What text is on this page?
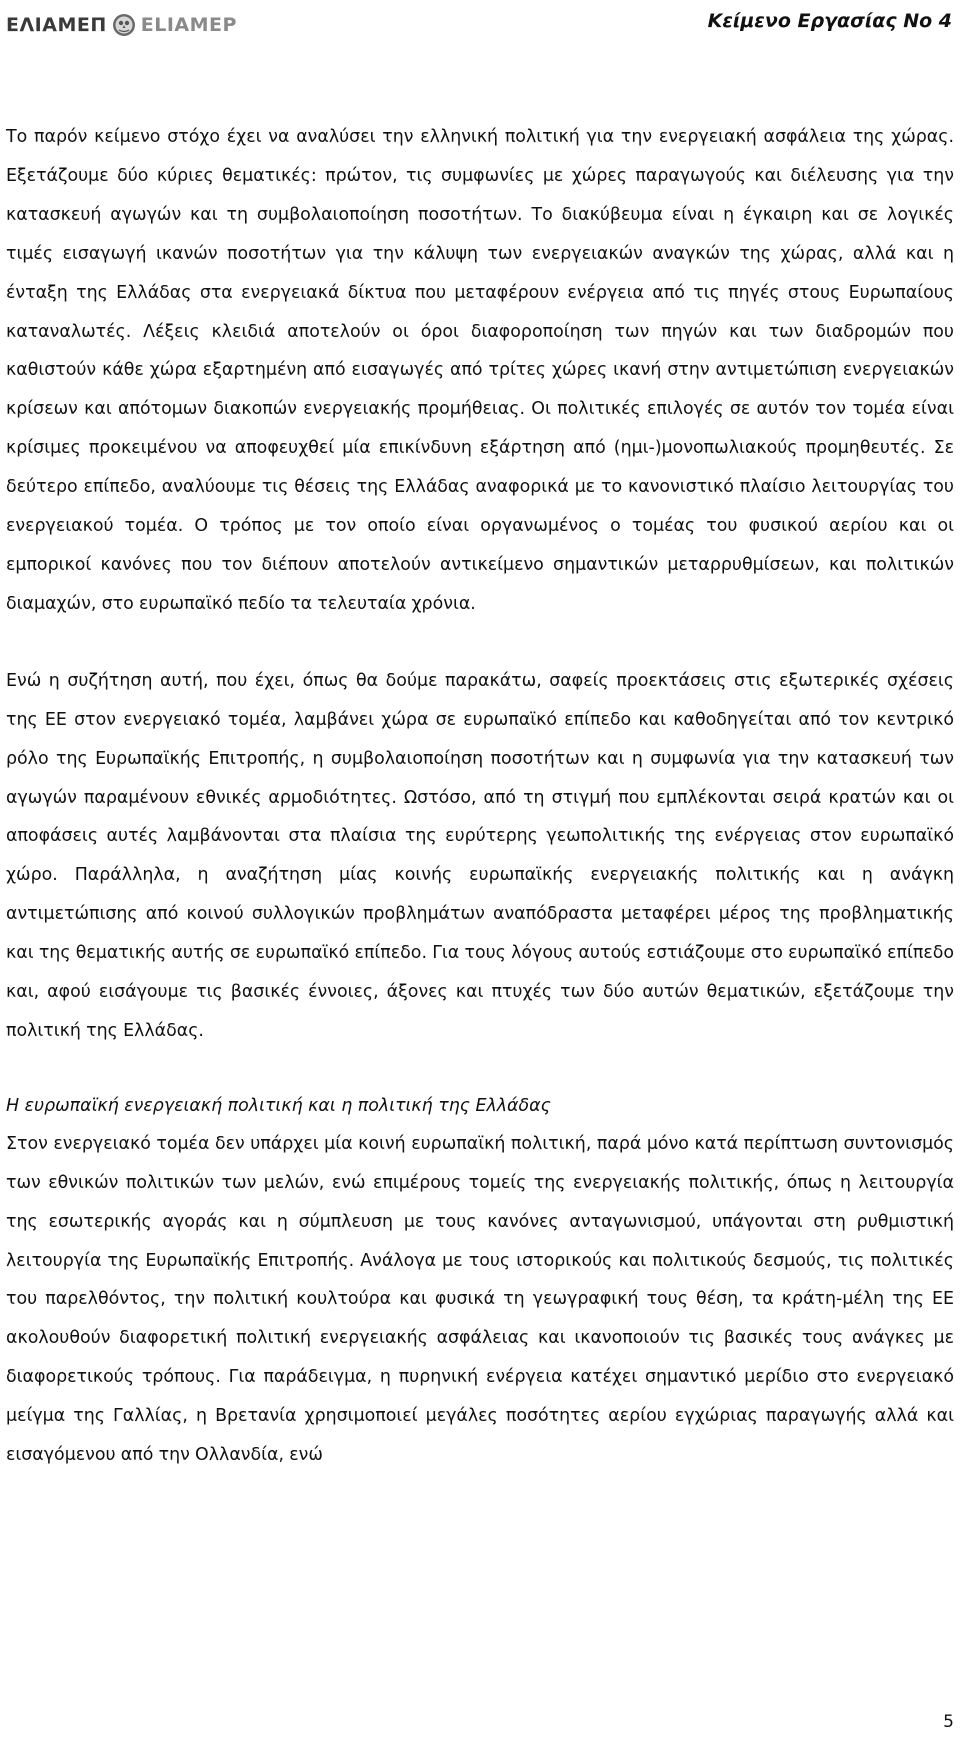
ΕΛΙΑΜΕΠ ELIAMEP	Κείμενο Εργασίας Νο 4

Το παρόν κείμενο στόχο έχει να αναλύσει την ελληνική πολιτική για την ενεργειακή ασφάλεια της χώρας. Εξετάζουμε δύο κύριες θεματικές: πρώτον, τις συμφωνίες με χώρες παραγωγούς και διέλευσης για την κατασκευή αγωγών και τη συμβολαιοποίηση ποσοτήτων. Το διακύβευμα είναι η έγκαιρη και σε λογικές τιμές εισαγωγή ικανών ποσοτήτων για την κάλυψη των ενεργειακών αναγκών της χώρας, αλλά και η ένταξη της Ελλάδας στα ενεργειακά δίκτυα που μεταφέρουν ενέργεια από τις πηγές στους Ευρωπαίους καταναλωτές. Λέξεις κλειδιά αποτελούν οι όροι διαφοροποίηση των πηγών και των διαδρομών που καθιστούν κάθε χώρα εξαρτημένη από εισαγωγές από τρίτες χώρες ικανή στην αντιμετώπιση ενεργειακών κρίσεων και απότομων διακοπών ενεργειακής προμήθειας. Οι πολιτικές επιλογές σε αυτόν τον τομέα είναι κρίσιμες προκειμένου να αποφευχθεί μία επικίνδυνη εξάρτηση από (ημι-)μονοπωλιακούς προμηθευτές. Σε δεύτερο επίπεδο, αναλύουμε τις θέσεις της Ελλάδας αναφορικά με το κανονιστικό πλαίσιο λειτουργίας του ενεργειακού τομέα. Ο τρόπος με τον οποίο είναι οργανωμένος ο τομέας του φυσικού αερίου και οι εμπορικοί κανόνες που τον διέπουν αποτελούν αντικείμενο σημαντικών μεταρρυθμίσεων, και πολιτικών διαμαχών, στο ευρωπαϊκό πεδίο τα τελευταία χρόνια.

Ενώ η συζήτηση αυτή, που έχει, όπως θα δούμε παρακάτω, σαφείς προεκτάσεις στις εξωτερικές σχέσεις της ΕΕ στον ενεργειακό τομέα, λαμβάνει χώρα σε ευρωπαϊκό επίπεδο και καθοδηγείται από τον κεντρικό ρόλο της Ευρωπαϊκής Επιτροπής, η συμβολαιοποίηση ποσοτήτων και η συμφωνία για την κατασκευή των αγωγών παραμένουν εθνικές αρμοδιότητες. Ωστόσο, από τη στιγμή που εμπλέκονται σειρά κρατών και οι αποφάσεις αυτές λαμβάνονται στα πλαίσια της ευρύτερης γεωπολιτικής της ενέργειας στον ευρωπαϊκό χώρο. Παράλληλα, η αναζήτηση μίας κοινής ευρωπαϊκής ενεργειακής πολιτικής και η ανάγκη αντιμετώπισης από κοινού συλλογικών προβλημάτων αναπόδραστα μεταφέρει μέρος της προβληματικής και της θεματικής αυτής σε ευρωπαϊκό επίπεδο. Για τους λόγους αυτούς εστιάζουμε στο ευρωπαϊκό επίπεδο και, αφού εισάγουμε τις βασικές έννοιες, άξονες και πτυχές των δύο αυτών θεματικών, εξετάζουμε την πολιτική της Ελλάδας.

Η ευρωπαϊκή ενεργειακή πολιτική και η πολιτική της Ελλάδας

Στον ενεργειακό τομέα δεν υπάρχει μία κοινή ευρωπαϊκή πολιτική, παρά μόνο κατά περίπτωση συντονισμός των εθνικών πολιτικών των μελών, ενώ επιμέρους τομείς της ενεργειακής πολιτικής, όπως η λειτουργία της εσωτερικής αγοράς και η σύμπλευση με τους κανόνες ανταγωνισμού, υπάγονται στη ρυθμιστική λειτουργία της Ευρωπαϊκής Επιτροπής. Ανάλογα με τους ιστορικούς και πολιτικούς δεσμούς, τις πολιτικές του παρελθόντος, την πολιτική κουλτούρα και φυσικά τη γεωγραφική τους θέση, τα κράτη-μέλη της ΕΕ ακολουθούν διαφορετική πολιτική ενεργειακής ασφάλειας και ικανοποιούν τις βασικές τους ανάγκες με διαφορετικούς τρόπους. Για παράδειγμα, η πυρηνική ενέργεια κατέχει σημαντικό μερίδιο στο ενεργειακό μείγμα της Γαλλίας, η Βρετανία χρησιμοποιεί μεγάλες ποσότητες αερίου εγχώριας παραγωγής αλλά και εισαγόμενου από την Ολλανδία, ενώ

5
